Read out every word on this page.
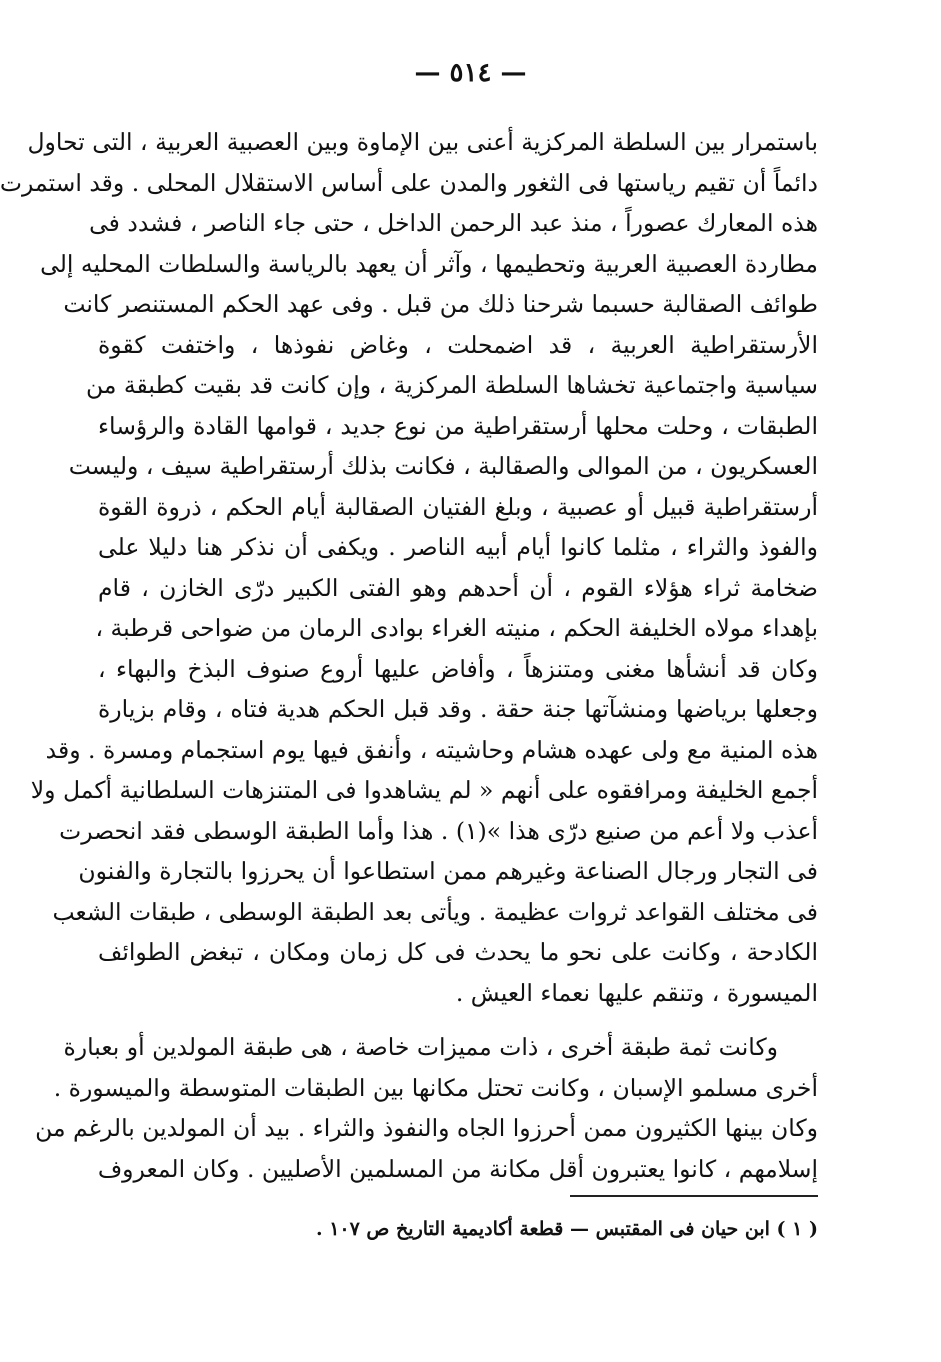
— ٥١٤ —
باستمرار بين السلطة المركزية أعنى بين الإماوة وبين العصبية العربية ، التى تحاول
دائماً أن تقيم رياستها فى الثغور والمدن على أساس الاستقلال المحلى . وقد استمرت
هذه المعارك عصوراً ، منذ عبد الرحمن الداخل ، حتى جاء الناصر ، فشدد فى
مطاردة العصبية العربية وتحطيمها ، وآثر أن يعهد بالرياسة والسلطات المحليه إلى
طوائف الصقالبة حسبما شرحنا ذلك من قبل . وفى عهد الحكم المستنصر كانت
الأرستقراطية العربية ، قد اضمحلت ، وغاض نفوذها ، واختفت كقوة
سياسية واجتماعية تخشاها السلطة المركزية ، وإن كانت قد بقيت كطبقة من
الطبقات ، وحلت محلها أرستقراطية من نوع جديد ، قوامها القادة والرؤساء
العسكريون ، من الموالى والصقالبة ، فكانت بذلك أرستقراطية سيف ، وليست
أرستقراطية قبيل أو عصبية ، وبلغ الفتيان الصقالبة أيام الحكم ، ذروة القوة
والفوذ والثراء ، مثلما كانوا أيام أبيه الناصر . ويكفى أن نذكر هنا دليلا على
ضخامة ثراء هؤلاء القوم ، أن أحدهم وهو الفتى الكبير درّى الخازن ، قام
بإهداء مولاه الخليفة الحكم ، منيته الغراء بوادى الرمان من ضواحى قرطبة ،
وكان قد أنشأها مغنى ومتنزهاً ، وأفاض عليها أروع صنوف البذخ والبهاء ،
وجعلها برياضها ومنشآتها جنة حقة . وقد قبل الحكم هدية فتاه ، وقام بزيارة
هذه المنية مع ولى عهده هشام وحاشيته ، وأنفق فيها يوم استجمام ومسرة . وقد
أجمع الخليفة ومرافقوه على أنهم « لم يشاهدوا فى المتنزهات السلطانية أكمل ولا
أعذب ولا أعم من صنيع درّى هذا »(١) . هذا وأما الطبقة الوسطى فقد انحصرت
فى التجار ورجال الصناعة وغيرهم ممن استطاعوا أن يحرزوا بالتجارة والفنون
فى مختلف القواعد ثروات عظيمة . ويأتى بعد الطبقة الوسطى ، طبقات الشعب
الكادحة ، وكانت على نحو ما يحدث فى كل زمان ومكان ، تبغض الطوائف
الميسورة ، وتنقم عليها نعماء العيش .
وكانت ثمة طبقة أخرى ، ذات مميزات خاصة ، هى طبقة المولدين أو بعبارة
أخرى مسلمو الإسبان ، وكانت تحتل مكانها بين الطبقات المتوسطة والميسورة .
وكان بينها الكثيرون ممن أحرزوا الجاه والنفوذ والثراء . بيد أن المولدين بالرغم من
إسلامهم ، كانوا يعتبرون أقل مكانة من المسلمين الأصليين . وكان المعروف
( ١ ) ابن حيان فى المقتبس — قطعة أكاديمية التاريخ ص ١٠٧ .
